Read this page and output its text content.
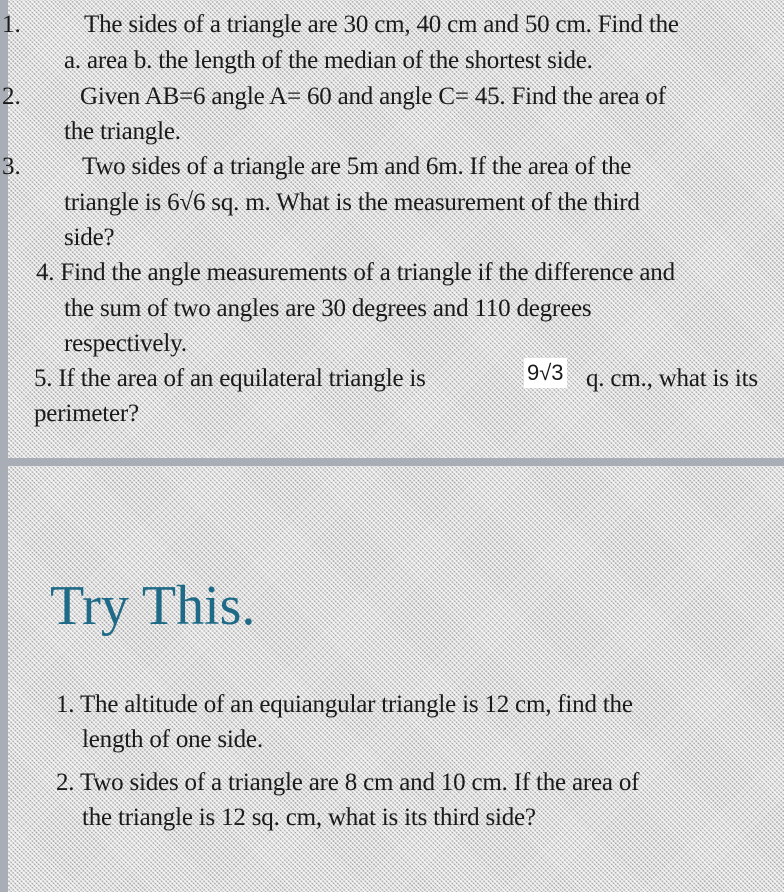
1.	The sides of a triangle are 30 cm, 40 cm and 50 cm. Find the
a. area b. the length of the median of the shortest side.
2. Given AB=6 angle A= 60 and angle C= 45. Find the area of
the triangle.
3. Two sides of a triangle are 5m and 6m. If the area of the
triangle is 6√6 sq. m. What is the measurement of the third
side?
4. Find the angle measurements of a triangle if the difference and
the sum of two angles are 30 degrees and 110 degrees
respectively.
5. If the area of an equilateral triangle is	9√3 q. cm., what is its
perimeter?
Try This.
1. The altitude of an equiangular triangle is 12 cm, find the
length of one side.
2. Two sides of a triangle are 8 cm and 10 cm. If the area of
the triangle is 12 sq. cm, what is its third side?
